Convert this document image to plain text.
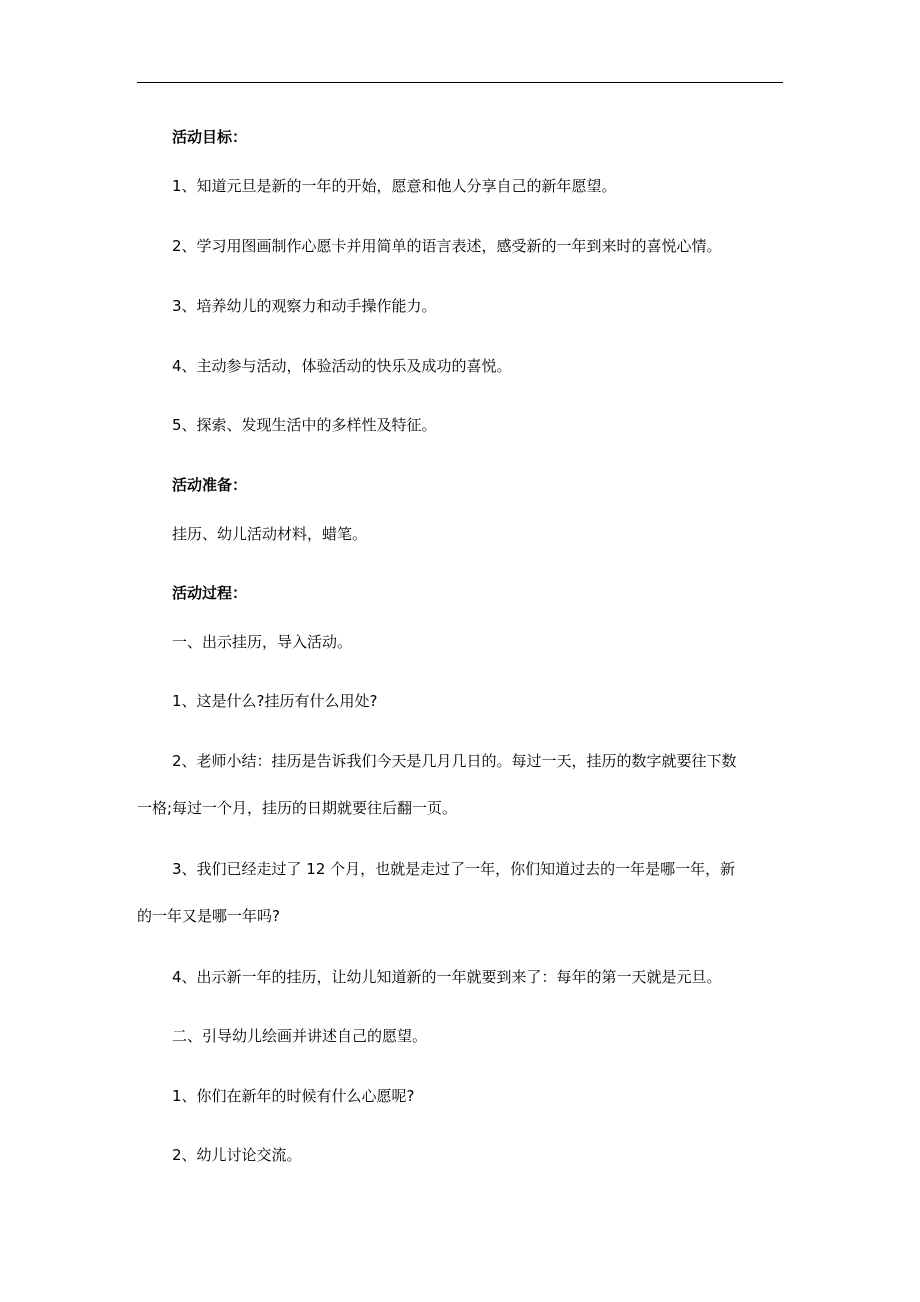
活动目标：
1、知道元旦是新的一年的开始，愿意和他人分享自己的新年愿望。
2、学习用图画制作心愿卡并用简单的语言表述，感受新的一年到来时的喜悦心情。
3、培养幼儿的观察力和动手操作能力。
4、主动参与活动，体验活动的快乐及成功的喜悦。
5、探索、发现生活中的多样性及特征。
活动准备：
挂历、幼儿活动材料，蜡笔。
活动过程：
一、出示挂历，导入活动。
1、这是什么?挂历有什么用处?
2、老师小结：挂历是告诉我们今天是几月几日的。每过一天，挂历的数字就要往下数
一格;每过一个月，挂历的日期就要往后翻一页。
3、我们已经走过了 12 个月，也就是走过了一年，你们知道过去的一年是哪一年，新
的一年又是哪一年吗?
4、出示新一年的挂历，让幼儿知道新的一年就要到来了：每年的第一天就是元旦。
二、引导幼儿绘画并讲述自己的愿望。
1、你们在新年的时候有什么心愿呢?
2、幼儿讨论交流。
